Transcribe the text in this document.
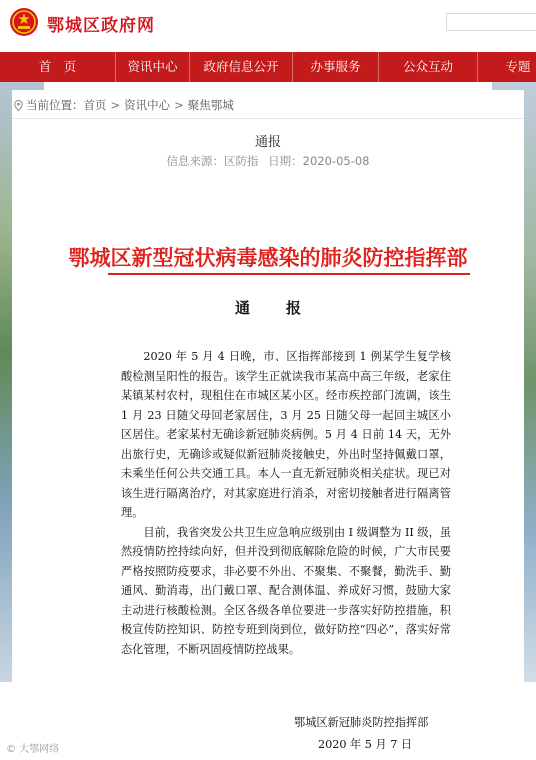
鄂城区政府网
首　页	资讯中心	政府信息公开	办事服务	公众互动	专题
当前位置： 首页 > 资讯中心 > 聚焦鄂城
通报
信息来源：区防指 日期：2020-05-08
鄂城区新型冠状病毒感染的肺炎防控指挥部
通报

2020 年 5 月 4 日晚，市、区指挥部接到 1 例某学生复学核酸检测呈阳性的报告。该学生正就读我市某高中高三年级，老家住某镇某村农村，现租住在市城区某小区。经市疾控部门流调，该生 1 月 23 日随父母回老家居住，3 月 25 日随父母一起回主城区小区居住。老家某村无确诊新冠肺炎病例。5 月 4 日前 14 天，无外出旅行史，无确诊或疑似新冠肺炎接触史，外出时坚持佩戴口罩，未乘坐任何公共交通工具。本人一直无新冠肺炎相关症状。现已对该生进行隔离治疗，对其家庭进行消杀，对密切接触者进行隔离管理。

目前，我省突发公共卫生应急响应级别由 I 级调整为 II 级，虽然疫情防控持续向好，但并没到彻底解除危险的时候，广大市民要严格按照防疫要求，非必要不外出、不聚集、不聚餐，勤洗手、勤通风、勤消毒，出门戴口罩、配合测体温、养成好习惯，鼓励大家主动进行核酸检测。全区各级各单位要进一步落实好防控措施，积极宣传防控知识、防控专班到岗到位，做好防控“四必”，落实好常态化管理，不断巩固疫情防控战果。

鄂城区新冠肺炎防控指挥部
2020 年 5 月 7 日
© 大鄂网络
